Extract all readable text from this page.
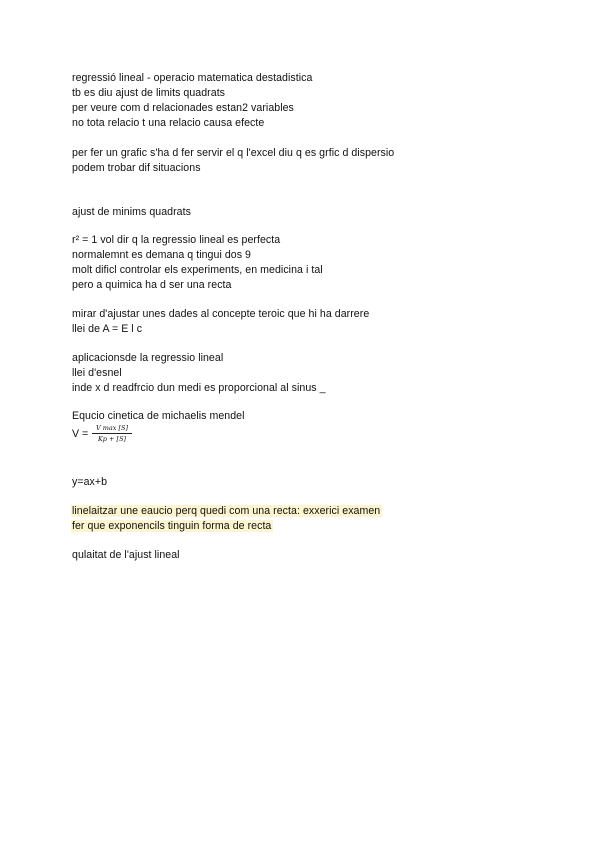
regressió lineal - operacio matematica destadistica
tb es diu ajust de limits quadrats
per veure com d relacionades estan2 variables
no tota relacio t una relacio causa efecte
per fer un grafic s'ha d fer servir el q l'excel diu q es grfic d dispersio
podem trobar dif situacions
ajust de minims quadrats
r² = 1 vol dir q la regressio lineal es perfecta
normalemnt es demana q tingui dos 9
molt dificl controlar els experiments, en medicina i tal
pero a quimica ha d ser una recta
mirar d'ajustar unes dades al concepte teroic que hi ha darrere
llei de A = E l c
aplicacionsde la regressio lineal
llei d'esnel
inde x d readfrcio dun medi es proporcional al sinus _
Equcio cinetica de michaelis mendel
V =	V max [S]
Kp + [S]
y=ax+b
linelaitzar une eaucio perq quedi com una recta: exxerici examen
fer que exponencils tinguin forma de recta
qulaitat de l'ajust lineal
